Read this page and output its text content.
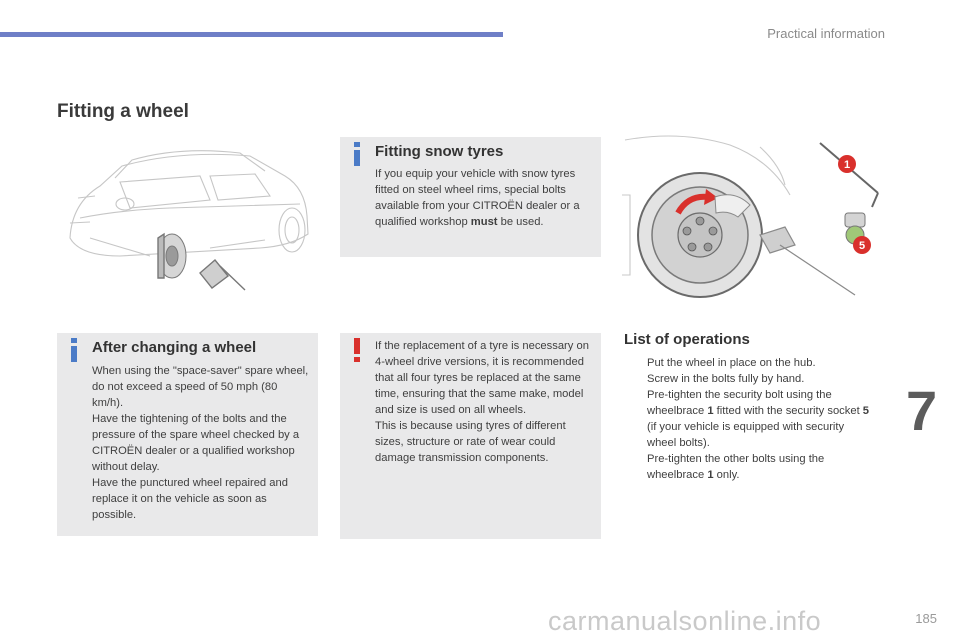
Practical information
Fitting a wheel
Fitting snow tyres

If you equip your vehicle with snow tyres fitted on steel wheel rims, special bolts available from your CITROËN dealer or a qualified workshop must be used.

1
5
After changing a wheel
When using the "space-saver" spare wheel, do not exceed a speed of 50 mph (80 km/h).
Have the tightening of the bolts and the pressure of the spare wheel checked by a CITROËN dealer or a qualified workshop without delay.
Have the punctured wheel repaired and replace it on the vehicle as soon as possible.
If the replacement of a tyre is necessary on 4-wheel drive versions, it is recommended that all four tyres be replaced at the same time, ensuring that the same make, model and size is used on all wheels.
This is because using tyres of different sizes, structure or rate of wear could damage transmission components.
List of operations
Put the wheel in place on the hub.
Screw in the bolts fully by hand.
Pre-tighten the security bolt using the wheelbrace 1 fitted with the security socket 5 (if your vehicle is equipped with security wheel bolts).
Pre-tighten the other bolts using the wheelbrace 1 only.
7
carmanualsonline.info	185
